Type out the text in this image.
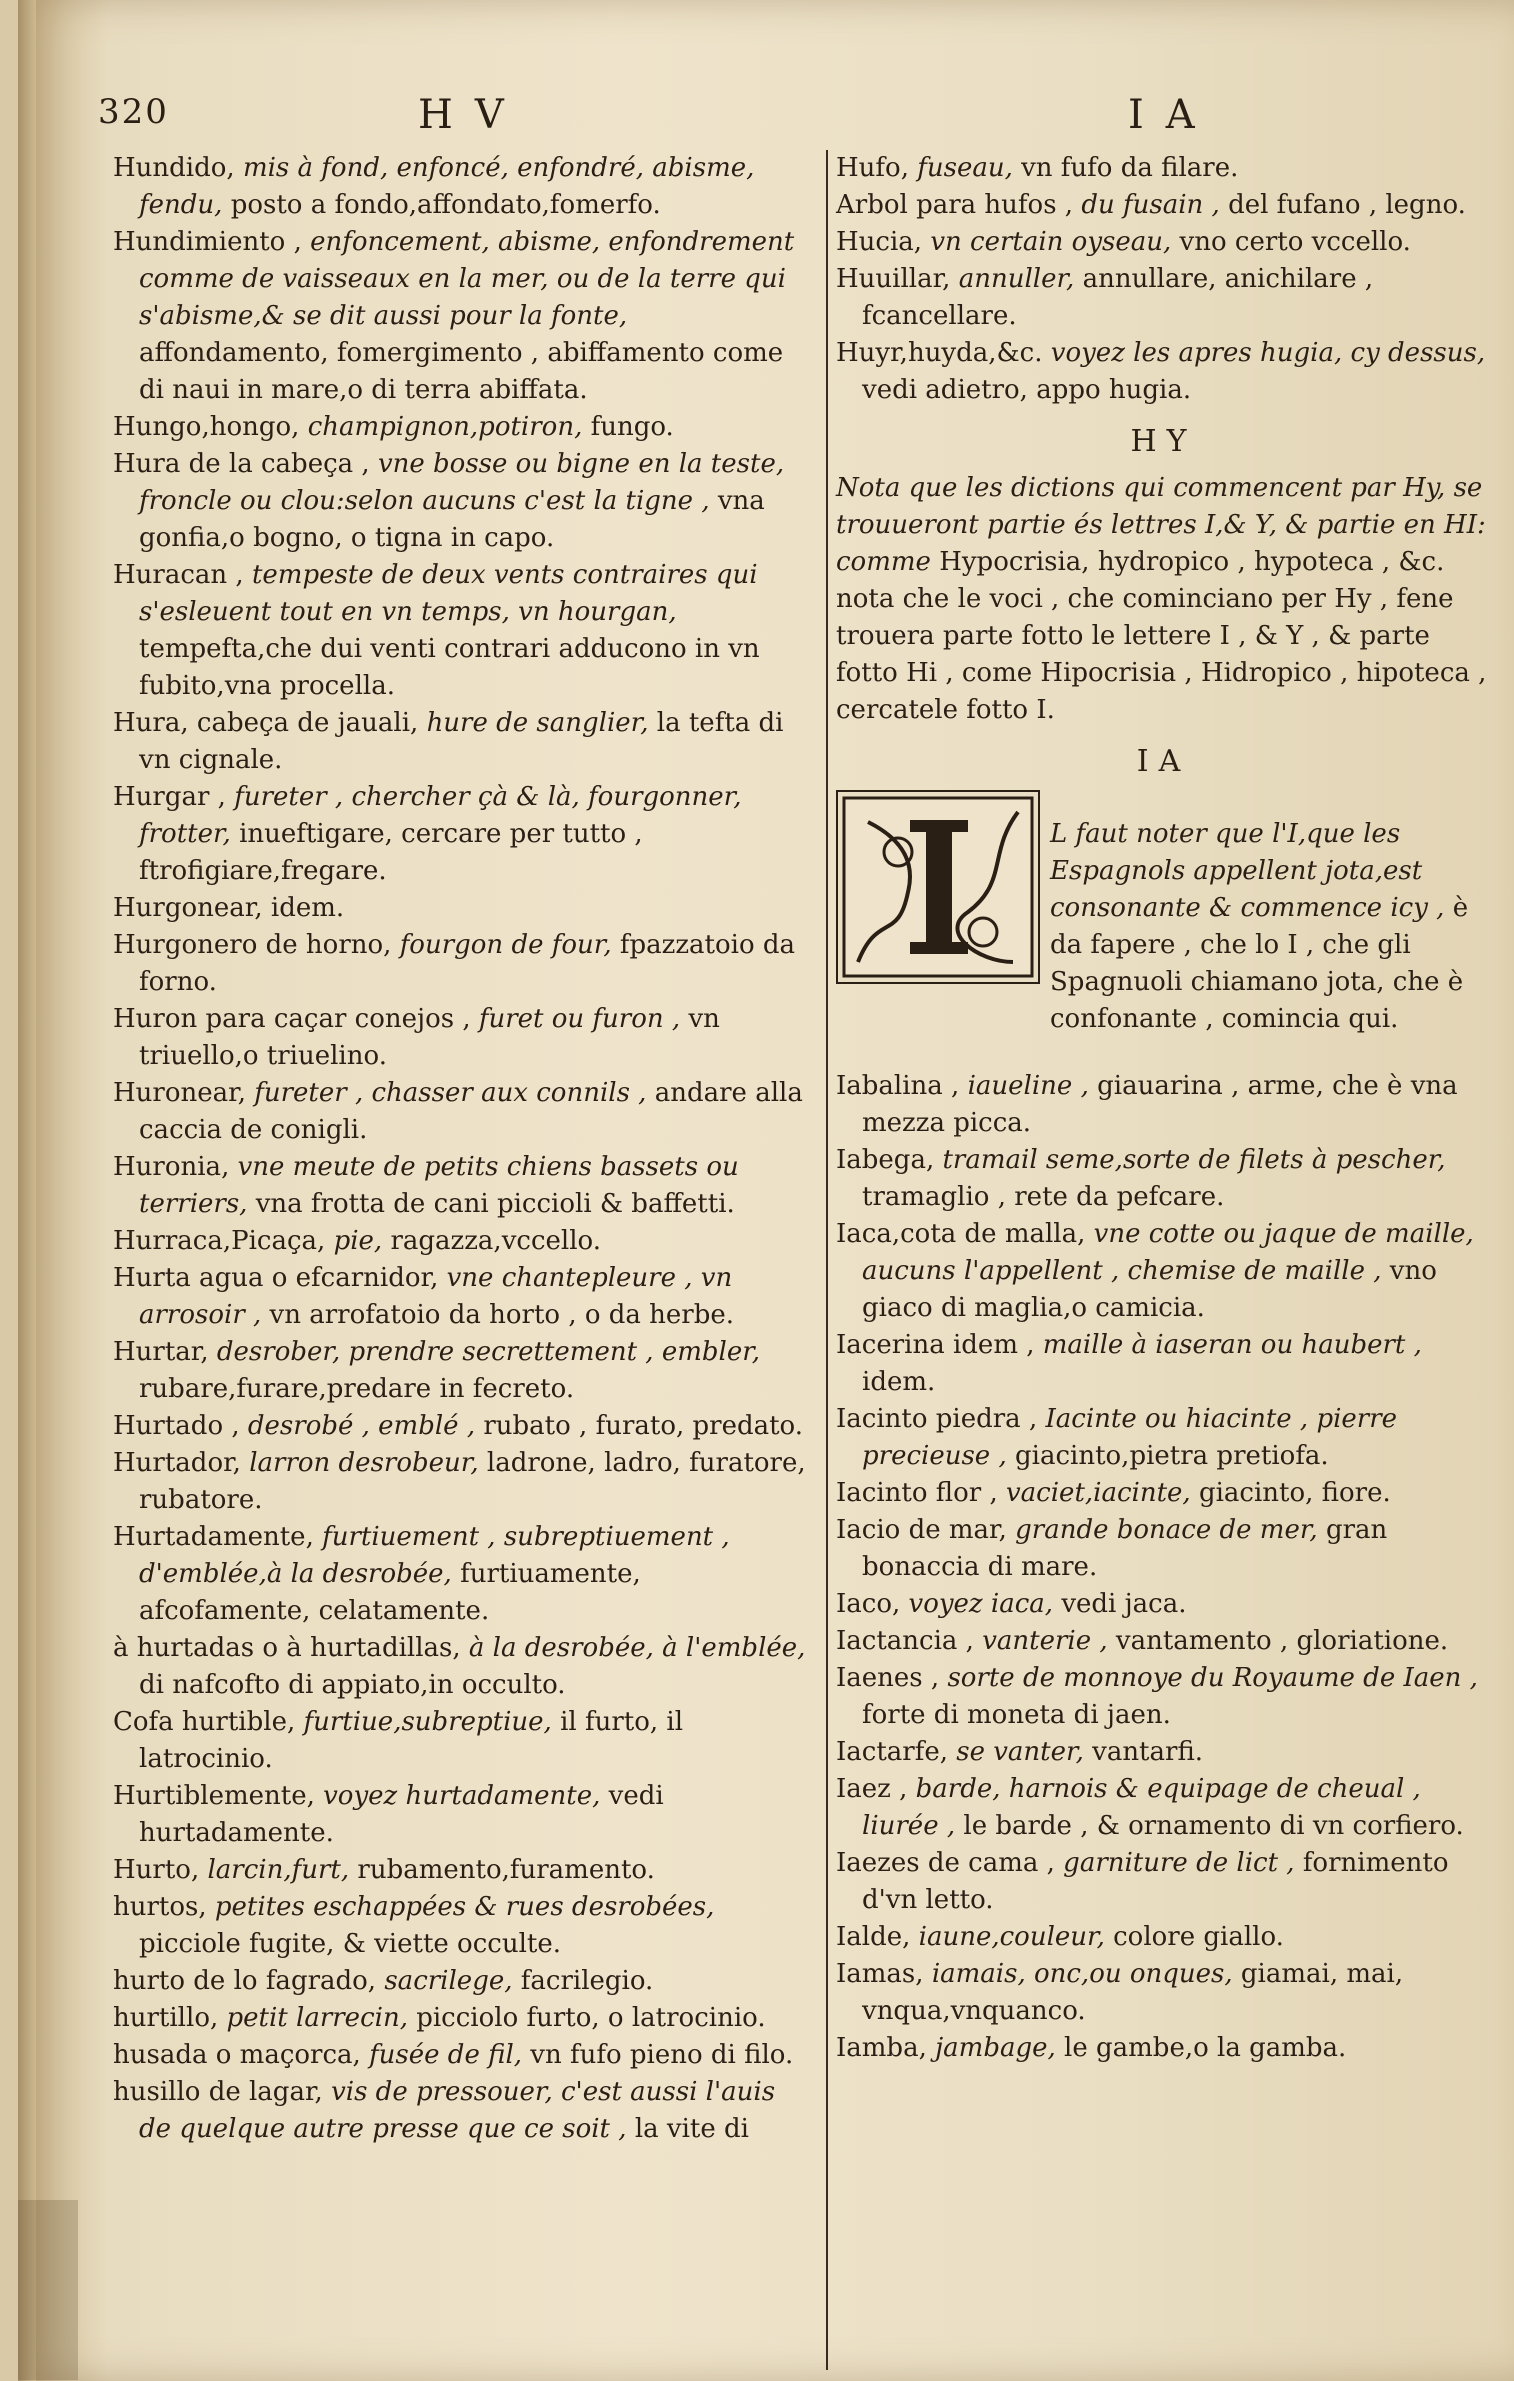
320	HV	IA

Hundido, mis à fond, enfoncé, enfondré, abisme, fendu, posto a fondo,affondato,fomerfo.

Hundimiento , enfoncement, abisme, enfondrement comme de vaisseaux en la mer, ou de la terre qui s'abisme,& se dit aussi pour la fonte, affondamento, fomergimento , abiffamento come di naui in mare,o di terra abiffata.

Hungo,hongo, champignon,potiron, fungo.

Hura de la cabeça , vne bosse ou bigne en la teste, froncle ou clou:selon aucuns c'est la tigne , vna gonfia,o bogno, o tigna in capo.

Huracan , tempeste de deux vents contraires qui s'esleuent tout en vn temps, vn hourgan, tempefta,che dui venti contrari adducono in vn fubito,vna procella.

Hura, cabeça de jauali, hure de sanglier, la tefta di vn cignale.

Hurgar , fureter , chercher çà & là, fourgonner, frotter, inueftigare, cercare per tutto , ftrofigiare,fregare.

Hurgonear, idem.

Hurgonero de horno, fourgon de four, fpazzatoio da forno.

Huron para caçar conejos , furet ou furon , vn triuello,o triuelino.

Huronear, fureter , chasser aux connils , andare alla caccia de conigli.

Huronia, vne meute de petits chiens bassets ou terriers, vna frotta de cani piccioli & baffetti.

Hurraca,Picaça, pie, ragazza,vccello.

Hurta agua o efcarnidor, vne chantepleure , vn arrosoir , vn arrofatoio da horto , o da herbe.

Hurtar, desrober, prendre secrettement , embler, rubare,furare,predare in fecreto.

Hurtado , desrobé , emblé , rubato , furato, predato.

Hurtador, larron desrobeur, ladrone, ladro, furatore, rubatore.

Hurtadamente, furtiuement , subreptiuement , d'emblée,à la desrobée, furtiuamente, afcofamente, celatamente.

à hurtadas o à hurtadillas, à la desrobée, à l'emblée, di nafcofto di appiato,in occulto.

Cofa hurtible, furtiue,subreptiue, il furto, il latrocinio.

Hurtiblemente, voyez hurtadamente, vedi hurtadamente.

Hurto, larcin,furt, rubamento,furamento.

hurtos, petites eschappées & rues desrobées, picciole fugite, & viette occulte.

hurto de lo fagrado, sacrilege, facrilegio.

hurtillo, petit larrecin, picciolo furto, o latrocinio.

husada o maçorca, fusée de fil, vn fufo pieno di filo.

husillo de lagar, vis de pressouer, c'est aussi l'auis de quelque autre presse que ce soit , la vite di

Hufo, fuseau, vn fufo da filare.

Arbol para hufos , du fusain , del fufano , legno.

Hucia, vn certain oyseau, vno certo vccello.

Huuillar, annuller, annullare, anichilare , fcancellare.

Huyr,huyda,&c. voyez les apres hugia, cy dessus, vedi adietro, appo hugia.

HY

Nota que les dictions qui commencent par Hy, se trouueront partie és lettres I,& Y, & partie en HI: comme Hypocrisia, hydropico , hypoteca , &c. nota che le voci , che cominciano per Hy , fene trouera parte fotto le lettere I , & Y , & parte fotto Hi , come Hipocrisia , Hidropico , hipoteca , cercatele fotto I.

IA

L faut noter que l'I,que les Espagnols appellent jota,est consonante & commence icy , è da fapere , che lo I , che gli Spagnuoli chiamano jota, che è confonante , comincia qui.

Iabalina , iaueline , giauarina , arme, che è vna mezza picca.

Iabega, tramail seme,sorte de filets à pescher, tramaglio , rete da pefcare.

Iaca,cota de malla, vne cotte ou jaque de maille, aucuns l'appellent , chemise de maille , vno giaco di maglia,o camicia.

Iacerina idem , maille à iaseran ou haubert , idem.

Iacinto piedra , Iacinte ou hiacinte , pierre precieuse , giacinto,pietra pretiofa.

Iacinto flor , vaciet,iacinte, giacinto, fiore.

Iacio de mar, grande bonace de mer, gran bonaccia di mare.

Iaco, voyez iaca, vedi jaca.

Iactancia , vanterie , vantamento , gloriatione.

Iaenes , sorte de monnoye du Royaume de Iaen , forte di moneta di jaen.

Iactarfe, se vanter, vantarfi.

Iaez , barde, harnois & equipage de cheual , liurée , le barde , & ornamento di vn corfiero.

Iaezes de cama , garniture de lict , fornimento d'vn letto.

Ialde, iaune,couleur, colore giallo.

Iamas, iamais, onc,ou onques, giamai, mai, vnqua,vnquanco.

Iamba, jambage, le gambe,o la gamba.
